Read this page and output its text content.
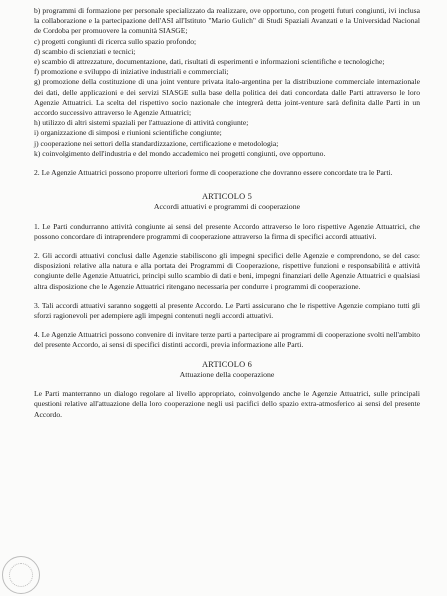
b) programmi di formazione per personale specializzato da realizzare, ove opportuno, con progetti futuri congiunti, ivi inclusa la collaborazione e la partecipazione dell'ASI all'Istituto "Mario Gulich" di Studi Spaziali Avanzati e la Universidad Nacional de Cordoba per promuovere la comunità SIASGE;

c) progetti congiunti di ricerca sullo spazio profondo;

d) scambio di scienziati e tecnici;

e) scambio di attrezzature, documentazione, dati, risultati di esperimenti e informazioni scientifiche e tecnologiche;

f) promozione e sviluppo di iniziative industriali e commerciali;

g) promozione della costituzione di una joint venture privata italo-argentina per la distribuzione commerciale internazionale dei dati, delle applicazioni e dei servizi SIASGE sulla base della politica dei dati concordata dalle Parti attraverso le loro Agenzie Attuatrici. La scelta del rispettivo socio nazionale che integrerà detta joint-venture sarà definita dalle Parti in un accordo successivo attraverso le Agenzie Attuatrici;

h) utilizzo di altri sistemi spaziali per l'attuazione di attività congiunte;

i) organizzazione di simposi e riunioni scientifiche congiunte;

j) cooperazione nei settori della standardizzazione, certificazione e metodologia;

k) coinvolgimento dell'industria e del mondo accademico nei progetti congiunti, ove opportuno.

2. Le Agenzie Attuatrici possono proporre ulteriori forme di cooperazione che dovranno essere concordate tra le Parti.

ARTICOLO 5

Accordi attuativi e programmi di cooperazione

1. Le Parti condurranno attività congiunte ai sensi del presente Accordo attraverso le loro rispettive Agenzie Attuatrici, che possono concordare di intraprendere programmi di cooperazione attraverso la firma di specifici accordi attuativi.

2. Gli accordi attuativi conclusi dalle Agenzie stabiliscono gli impegni specifici delle Agenzie e comprendono, se del caso: disposizioni relative alla natura e alla portata dei Programmi di Cooperazione, rispettive funzioni e responsabilità e attività congiunte delle Agenzie Attuatrici, principi sullo scambio di dati e beni, impegni finanziari delle Agenzie Attuatrici e qualsiasi altra disposizione che le Agenzie Attuatrici ritengano necessaria per condurre i programmi di cooperazione.

3. Tali accordi attuativi saranno soggetti al presente Accordo. Le Parti assicurano che le rispettive Agenzie compiano tutti gli sforzi ragionevoli per adempiere agli impegni contenuti negli accordi attuativi.

4. Le Agenzie Attuatrici possono convenire di invitare terze parti a partecipare ai programmi di cooperazione svolti nell'ambito del presente Accordo, ai sensi di specifici distinti accordi, previa informazione alle Parti.

ARTICOLO 6

Attuazione della cooperazione

Le Parti manterranno un dialogo regolare al livello appropriato, coinvolgendo anche le Agenzie Attuatrici, sulle principali questioni relative all'attuazione della loro cooperazione negli usi pacifici dello spazio extra-atmosferico ai sensi del presente Accordo.
